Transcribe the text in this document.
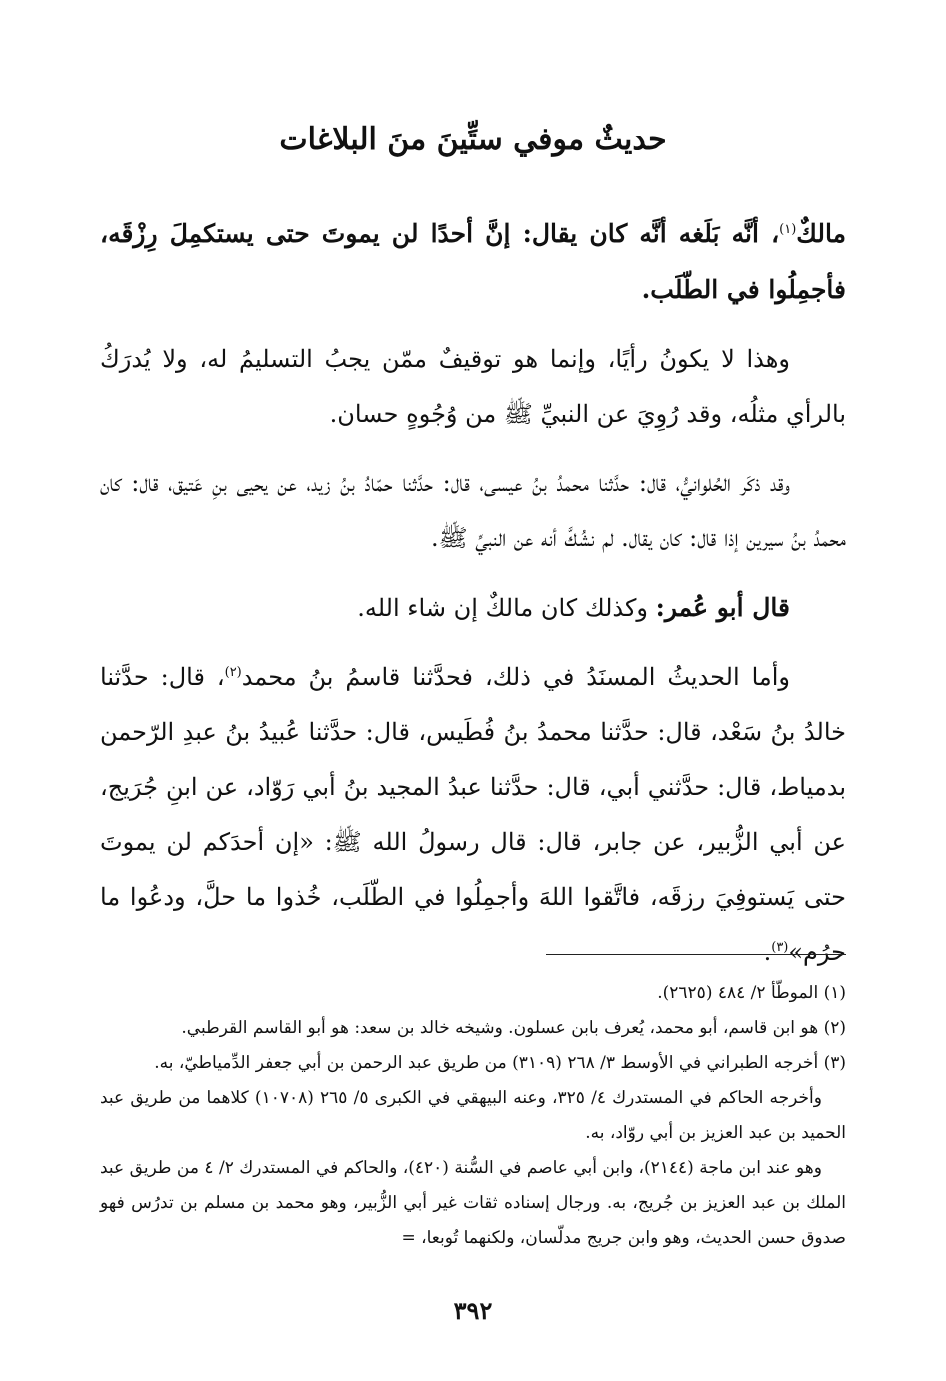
حديثٌ موفي ستِّينَ منَ البلاغات

مالكٌ$^{(١)}$، أنَّه بَلَغه أنَّه كان يقال: إنَّ أحدًا لن يموتَ حتى يستكمِلَ رِزْقَه، فأجمِلُوا في الطّلَب.

وهذا لا يكونُ رأيًا، وإنما هو توقيفٌ ممّن يجبُ التسليمُ له، ولا يُدرَكُ بالرأي مثلُه، وقد رُوِيَ عن النبيِّ ﷺ من وُجُوهٍ حسان.

وقد ذكَر الحُلوانيُّ، قال: حدَّثنا محمدُ بنُ عيسى، قال: حدَّثنا حمّادُ بنُ زيد، عن يحيى بنِ عَتيق، قال: كان محمدُ بنُ سيرين إذا قال: كان يقال. لم نشُكَّ أنه عن النبيِّ ﷺ.

قال أبو عُمر: وكذلك كان مالكٌ إن شاء الله.

وأما الحديثُ المسنَدُ في ذلك، فحدَّثنا قاسمُ بنُ محمد$^{(٢)}$، قال: حدَّثنا خالدُ بنُ سَعْد، قال: حدَّثنا محمدُ بنُ فُطَيس، قال: حدَّثنا عُبيدُ بنُ عبدِ الرّحمن بدمياط، قال: حدَّثني أبي، قال: حدَّثنا عبدُ المجيد بنُ أبي رَوّاد، عن ابنِ جُرَيج، عن أبي الزُّبير، عن جابر، قال: قال رسولُ الله ﷺ: «إن أحدَكم لن يموتَ حتى يَستوفِيَ رزقَه، فاتَّقوا اللهَ وأجمِلُوا في الطّلَب، خُذوا ما حلَّ، ودعُوا ما حرُم»$^{(٣)}$.

(١) الموطّأ ٢/ ٤٨٤ (٢٦٢٥).

(٢) هو ابن قاسم، أبو محمد، يُعرف بابن عسلون. وشيخه خالد بن سعد: هو أبو القاسم القرطبي.

(٣) أخرجه الطبراني في الأوسط ٣/ ٢٦٨ (٣١٠٩) من طريق عبد الرحمن بن أبي جعفر الدِّمياطيّ، به.

وأخرجه الحاكم في المستدرك ٤/ ٣٢٥، وعنه البيهقي في الكبرى ٥/ ٢٦٥ (١٠٧٠٨) كلاهما من طريق عبد الحميد بن عبد العزيز بن أبي روّاد، به.

وهو عند ابن ماجة (٢١٤٤)، وابن أبي عاصم في السُّنة (٤٢٠)، والحاكم في المستدرك ٢/ ٤ من طريق عبد الملك بن عبد العزيز بن جُريج، به. ورجال إسناده ثقات غير أبي الزُّبير، وهو محمد بن مسلم بن تدرُس فهو صدوق حسن الحديث، وهو وابن جريج مدلّسان، ولكنهما تُوبعا، =

٣٩٢
